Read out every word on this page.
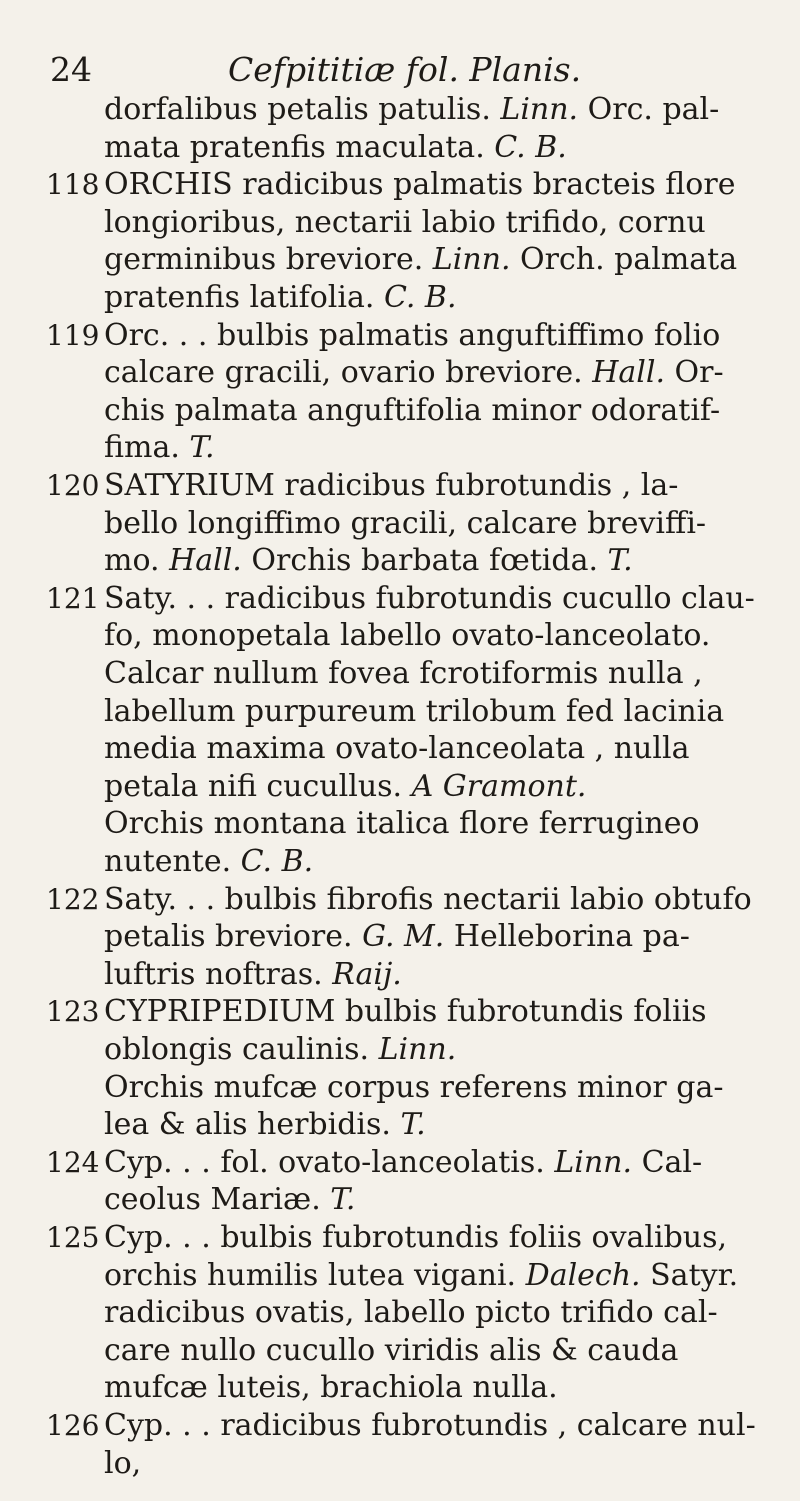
24	Cefpititiæ fol. Planis.
dorfalibus petalis patulis. Linn. Orc. pal-
mata pratenfis maculata. C. B.
118 ORCHIS radicibus palmatis bracteis flore
longioribus, nectarii labio trifido, cornu
germinibus breviore. Linn. Orch. palmata
pratenfis latifolia. C. B.
119 Orc. . . bulbis palmatis anguftiffimo folio
calcare gracili, ovario breviore. Hall. Or-
chis palmata anguftifolia minor odoratif-
fima. T.
120 SATYRIUM radicibus fubrotundis , la-
bello longiffimo gracili, calcare breviffi-
mo. Hall. Orchis barbata fœtida. T.
121 Saty. . . radicibus fubrotundis cucullo clau-
fo, monopetala labello ovato-lanceolato.
Calcar nullum fovea fcrotiformis nulla ,
labellum purpureum trilobum fed lacinia
media maxima ovato-lanceolata , nulla
petala nifi cucullus. A Gramont.
Orchis montana italica flore ferrugineo
nutente. C. B.
122 Saty. . . bulbis fibrofis nectarii labio obtufo
petalis breviore. G. M. Helleborina pa-
luftris noftras. Raij.
123 CYPRIPEDIUM bulbis fubrotundis foliis
oblongis caulinis. Linn.
Orchis mufcæ corpus referens minor ga-
lea & alis herbidis. T.
124 Cyp. . . fol. ovato-lanceolatis. Linn. Cal-
ceolus Mariæ. T.
125 Cyp. . . bulbis fubrotundis foliis ovalibus,
orchis humilis lutea vigani. Dalech. Satyr.
radicibus ovatis, labello picto trifido cal-
care nullo cucullo viridis alis & cauda
mufcæ luteis, brachiola nulla.
126 Cyp. . . radicibus fubrotundis , calcare nul-
lo,
